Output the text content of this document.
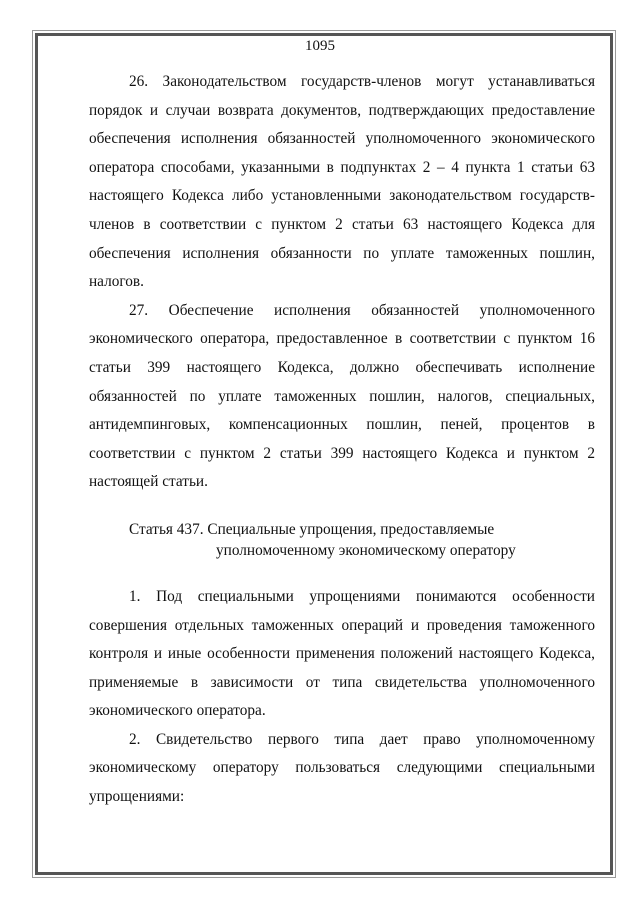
1095

26. Законодательством государств-членов могут устанавливаться порядок и случаи возврата документов, подтверждающих предоставление обеспечения исполнения обязанностей уполномоченного экономического оператора способами, указанными в подпунктах 2 – 4 пункта 1 статьи 63 настоящего Кодекса либо установленными законодательством государств-членов в соответствии с пунктом 2 статьи 63 настоящего Кодекса для обеспечения исполнения обязанности по уплате таможенных пошлин, налогов.

27. Обеспечение исполнения обязанностей уполномоченного экономического оператора, предоставленное в соответствии с пунктом 16 статьи 399 настоящего Кодекса, должно обеспечивать исполнение обязанностей по уплате таможенных пошлин, налогов, специальных, антидемпинговых, компенсационных пошлин, пеней, процентов в соответствии с пунктом 2 статьи 399 настоящего Кодекса и пунктом 2 настоящей статьи.

Статья 437. Специальные упрощения, предоставляемые
уполномоченному экономическому оператору

1. Под специальными упрощениями понимаются особенности совершения отдельных таможенных операций и проведения таможенного контроля и иные особенности применения положений настоящего Кодекса, применяемые в зависимости от типа свидетельства уполномоченного экономического оператора.

2. Свидетельство первого типа дает право уполномоченному экономическому оператору пользоваться следующими специальными упрощениями:
